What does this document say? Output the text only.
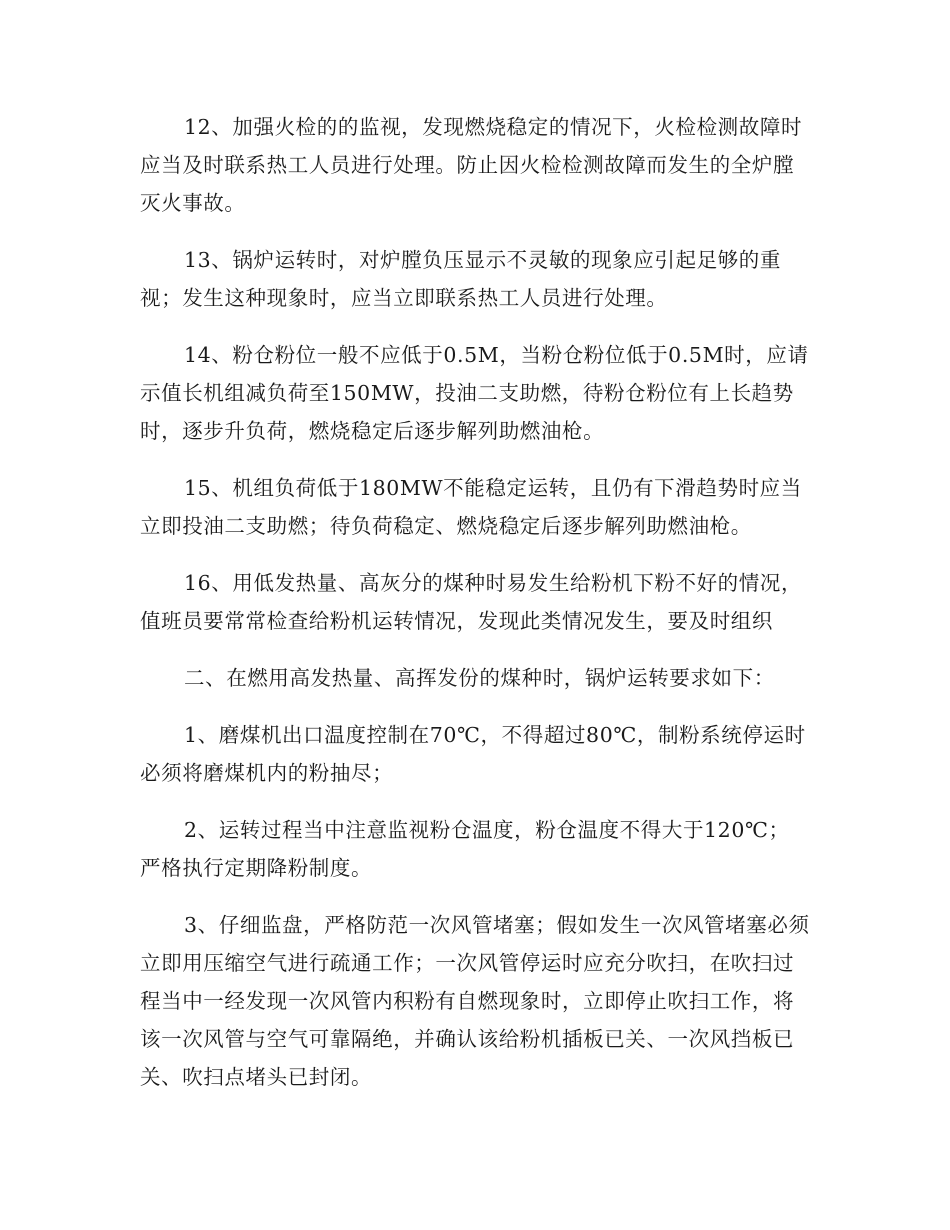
12、加强火检的的监视，发现燃烧稳定的情况下，火检检测故障时应当及时联系热工人员进行处理。防止因火检检测故障而发生的全炉膛灭火事故。

13、锅炉运转时，对炉膛负压显示不灵敏的现象应引起足够的重视；发生这种现象时，应当立即联系热工人员进行处理。

14、粉仓粉位一般不应低于0.5M，当粉仓粉位低于0.5M时，应请示值长机组减负荷至150MW，投油二支助燃，待粉仓粉位有上长趋势时，逐步升负荷，燃烧稳定后逐步解列助燃油枪。

15、机组负荷低于180MW不能稳定运转，且仍有下滑趋势时应当立即投油二支助燃；待负荷稳定、燃烧稳定后逐步解列助燃油枪。

16、用低发热量、高灰分的煤种时易发生给粉机下粉不好的情况，值班员要常常检查给粉机运转情况，发现此类情况发生，要及时组织

二、在燃用高发热量、高挥发份的煤种时，锅炉运转要求如下：

1、磨煤机出口温度控制在70℃，不得超过80℃，制粉系统停运时必须将磨煤机内的粉抽尽；

2、运转过程当中注意监视粉仓温度，粉仓温度不得大于120℃；严格执行定期降粉制度。

3、仔细监盘，严格防范一次风管堵塞；假如发生一次风管堵塞必须立即用压缩空气进行疏通工作；一次风管停运时应充分吹扫，在吹扫过程当中一经发现一次风管内积粉有自燃现象时，立即停止吹扫工作，将该一次风管与空气可靠隔绝，并确认该给粉机插板已关、一次风挡板已关、吹扫点堵头已封闭。
